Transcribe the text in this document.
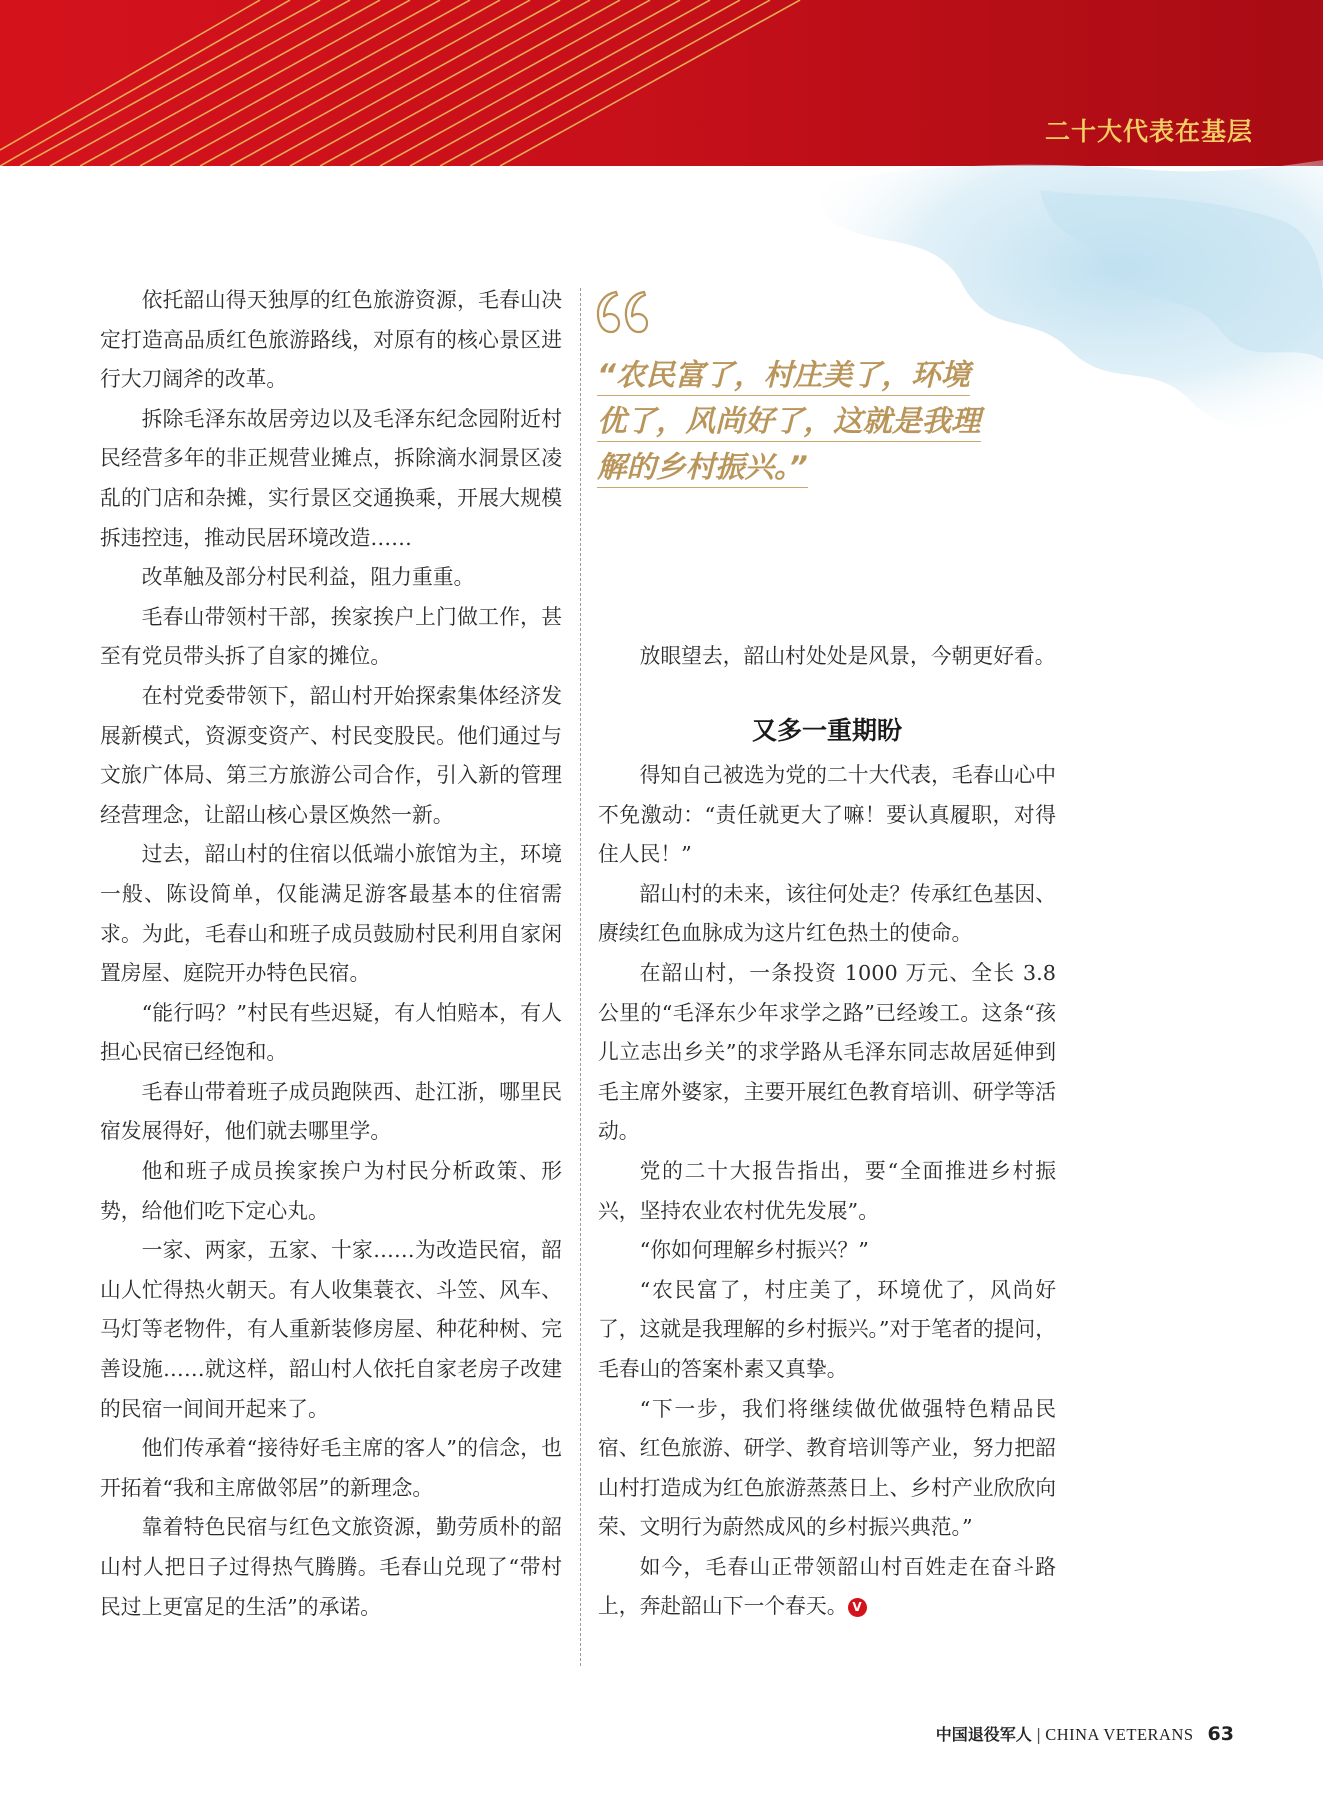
二十大代表在基层

依托韶山得天独厚的红色旅游资源，毛春山决定打造高品质红色旅游路线，对原有的核心景区进行大刀阔斧的改革。

拆除毛泽东故居旁边以及毛泽东纪念园附近村民经营多年的非正规营业摊点，拆除滴水洞景区凌乱的门店和杂摊，实行景区交通换乘，开展大规模拆违控违，推动民居环境改造……

改革触及部分村民利益，阻力重重。

毛春山带领村干部，挨家挨户上门做工作，甚至有党员带头拆了自家的摊位。

在村党委带领下，韶山村开始探索集体经济发展新模式，资源变资产、村民变股民。他们通过与文旅广体局、第三方旅游公司合作，引入新的管理经营理念，让韶山核心景区焕然一新。

过去，韶山村的住宿以低端小旅馆为主，环境一般、陈设简单，仅能满足游客最基本的住宿需求。为此，毛春山和班子成员鼓励村民利用自家闲置房屋、庭院开办特色民宿。

“能行吗？”村民有些迟疑，有人怕赔本，有人担心民宿已经饱和。

毛春山带着班子成员跑陕西、赴江浙，哪里民宿发展得好，他们就去哪里学。

他和班子成员挨家挨户为村民分析政策、形势，给他们吃下定心丸。

一家、两家，五家、十家……为改造民宿，韶山人忙得热火朝天。有人收集蓑衣、斗笠、风车、马灯等老物件，有人重新装修房屋、种花种树、完善设施……就这样，韶山村人依托自家老房子改建的民宿一间间开起来了。

他们传承着“接待好毛主席的客人”的信念，也开拓着“我和主席做邻居”的新理念。

靠着特色民宿与红色文旅资源，勤劳质朴的韶山村人把日子过得热气腾腾。毛春山兑现了“带村民过上更富足的生活”的承诺。

“农民富了，村庄美了，环境
优了，风尚好了，这就是我理
解的乡村振兴。”

放眼望去，韶山村处处是风景，今朝更好看。

又多一重期盼

得知自己被选为党的二十大代表，毛春山心中不免激动：“责任就更大了嘛！要认真履职，对得住人民！”

韶山村的未来，该往何处走？传承红色基因、赓续红色血脉成为这片红色热土的使命。

在韶山村，一条投资 1000 万元、全长 3.8 公里的“毛泽东少年求学之路”已经竣工。这条“孩儿立志出乡关”的求学路从毛泽东同志故居延伸到毛主席外婆家，主要开展红色教育培训、研学等活动。

党的二十大报告指出，要“全面推进乡村振兴，坚持农业农村优先发展”。

“你如何理解乡村振兴？”

“农民富了，村庄美了，环境优了，风尚好了，这就是我理解的乡村振兴。”对于笔者的提问，毛春山的答案朴素又真挚。

“下一步，我们将继续做优做强特色精品民宿、红色旅游、研学、教育培训等产业，努力把韶山村打造成为红色旅游蒸蒸日上、乡村产业欣欣向荣、文明行为蔚然成风的乡村振兴典范。”

如今，毛春山正带领韶山村百姓走在奋斗路上，奔赴韶山下一个春天。 V

中国退役军人 | CHINA VETERANS 63
